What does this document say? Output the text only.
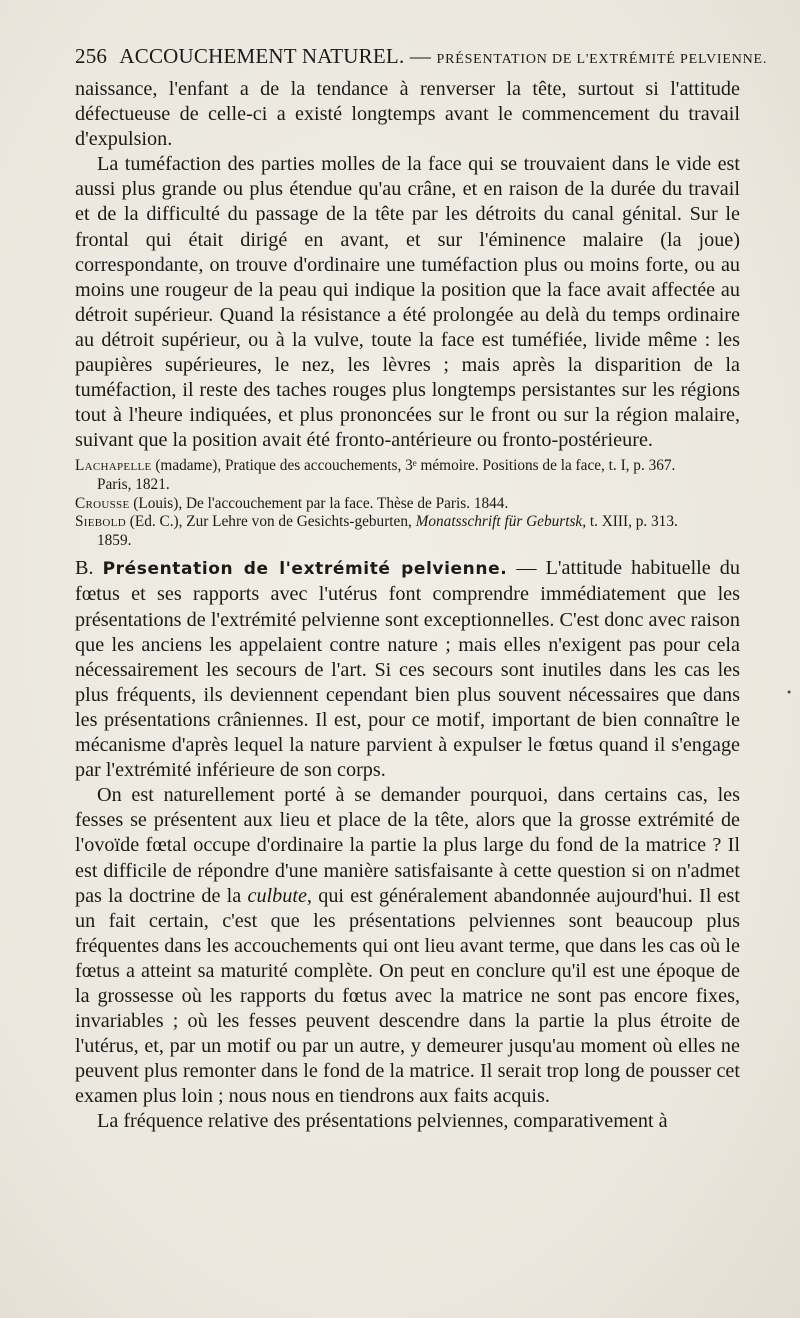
256 ACCOUCHEMENT NATUREL. — PRÉSENTATION DE L'EXTRÉMITÉ PELVIENNE.

naissance, l'enfant a de la tendance à renverser la tête, surtout si l'attitude défectueuse de celle-ci a existé longtemps avant le commencement du travail d'expulsion.

La tuméfaction des parties molles de la face qui se trouvaient dans le vide est aussi plus grande ou plus étendue qu'au crâne, et en raison de la durée du travail et de la difficulté du passage de la tête par les détroits du canal génital. Sur le frontal qui était dirigé en avant, et sur l'éminence malaire (la joue) correspondante, on trouve d'ordinaire une tuméfaction plus ou moins forte, ou au moins une rougeur de la peau qui indique la position que la face avait affectée au détroit supérieur. Quand la résistance a été prolongée au delà du temps ordinaire au détroit supérieur, ou à la vulve, toute la face est tuméfiée, livide même : les paupières supérieures, le nez, les lèvres ; mais après la disparition de la tuméfaction, il reste des taches rouges plus longtemps persistantes sur les régions tout à l'heure indiquées, et plus prononcées sur le front ou sur la région malaire, suivant que la position avait été fronto-antérieure ou fronto-postérieure.

Lachapelle (madame), Pratique des accouchements, 3ᵉ mémoire. Positions de la face, t. I, p. 367.
Paris, 1821.
Crousse (Louis), De l'accouchement par la face. Thèse de Paris. 1844.
Siebold (Ed. C.), Zur Lehre von de Gesichts-geburten, Monatsschrift für Geburtsk, t. XIII, p. 313.
1859.

B. Présentation de l'extrémité pelvienne. — L'attitude habituelle du fœtus et ses rapports avec l'utérus font comprendre immédiatement que les présentations de l'extrémité pelvienne sont exceptionnelles. C'est donc avec raison que les anciens les appelaient contre nature ; mais elles n'exigent pas pour cela nécessairement les secours de l'art. Si ces secours sont inutiles dans les cas les plus fréquents, ils deviennent cependant bien plus souvent nécessaires que dans les présentations crâniennes. Il est, pour ce motif, important de bien connaître le mécanisme d'après lequel la nature parvient à expulser le fœtus quand il s'engage par l'extrémité inférieure de son corps.

On est naturellement porté à se demander pourquoi, dans certains cas, les fesses se présentent aux lieu et place de la tête, alors que la grosse extrémité de l'ovoïde fœtal occupe d'ordinaire la partie la plus large du fond de la matrice ? Il est difficile de répondre d'une manière satisfaisante à cette question si on n'admet pas la doctrine de la culbute, qui est généralement abandonnée aujourd'hui. Il est un fait certain, c'est que les présentations pelviennes sont beaucoup plus fréquentes dans les accouchements qui ont lieu avant terme, que dans les cas où le fœtus a atteint sa maturité complète. On peut en conclure qu'il est une époque de la grossesse où les rapports du fœtus avec la matrice ne sont pas encore fixes, invariables ; où les fesses peuvent descendre dans la partie la plus étroite de l'utérus, et, par un motif ou par un autre, y demeurer jusqu'au moment où elles ne peuvent plus remonter dans le fond de la matrice. Il serait trop long de pousser cet examen plus loin ; nous nous en tiendrons aux faits acquis.

La fréquence relative des présentations pelviennes, comparativement à

•
